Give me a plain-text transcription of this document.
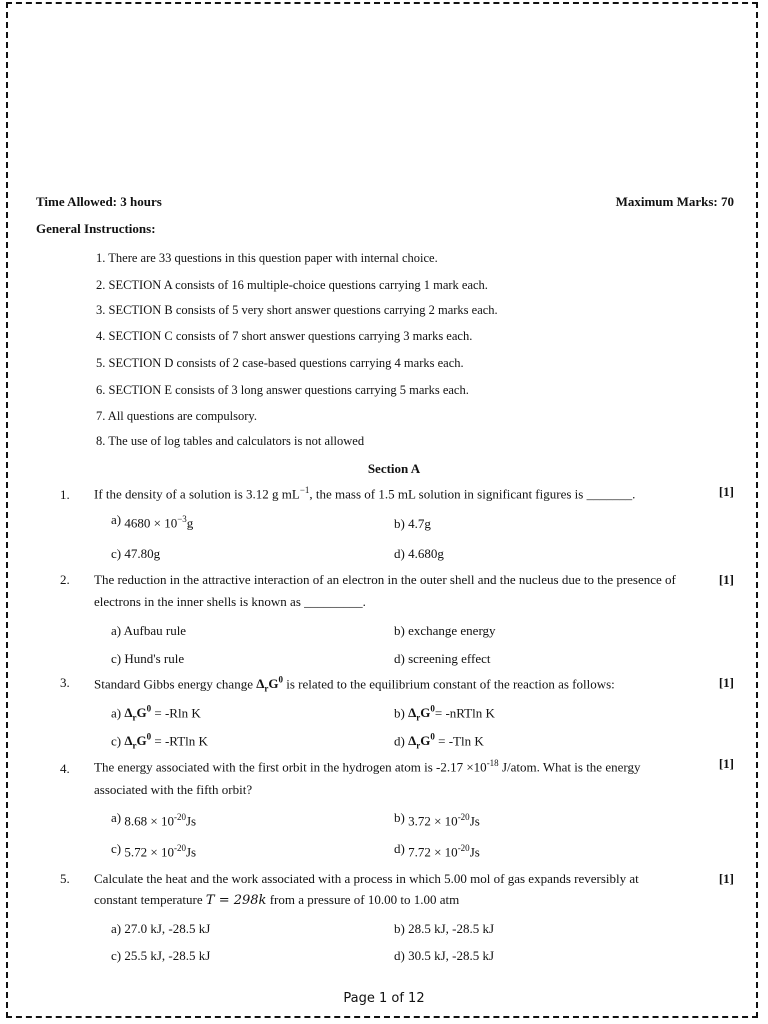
Time Allowed: 3 hours	Maximum Marks: 70
General Instructions:
1. There are 33 questions in this question paper with internal choice.
2. SECTION A consists of 16 multiple-choice questions carrying 1 mark each.
3. SECTION B consists of 5 very short answer questions carrying 2 marks each.
4. SECTION C consists of 7 short answer questions carrying 3 marks each.
5. SECTION D consists of 2 case-based questions carrying 4 marks each.
6. SECTION E consists of 3 long answer questions carrying 5 marks each.
7. All questions are compulsory.
8. The use of log tables and calculators is not allowed
Section A
1. If the density of a solution is 3.12 g $mL^{-1}$, the mass of 1.5 mL solution in significant figures is _______.	[1]
a) $4680 \times 10^{-3}g$	b) 4.7g
c) 47.80g	d) 4.680g
2. The reduction in the attractive interaction of an electron in the outer shell and the nucleus due to the presence of
electrons in the inner shells is known as _________.
[1]
a) Aufbau rule	b) exchange energy
c) Hund's rule	d) screening effect
3. Standard Gibbs energy change $\Delta_rG^0$ is related to the equilibrium constant of the reaction as follows:	[1]
a) $\Delta_rG^0 = -Rln$ K	b) $\Delta_rG^0= -nRTln$ K
c) $\Delta_rG^0 = -RTln$ K	d) $\Delta_rG^0 = -Tln$ K
4. The energy associated with the first orbit in the hydrogen atom is $-2.17 \times 10^{-18}$ J/atom. What is the energy
associated with the fifth orbit?
[1]
a) $8.68 \times 10^{-20}Js$	b) $3.72 \times 10^{-20}Js$
c) $5.72 \times 10^{-20}Js$	d) $7.72 \times 10^{-20}Js$
5. Calculate the heat and the work associated with a process in which 5.00 mol of gas expands reversibly at
constant temperature T = 298k from a pressure of 10.00 to 1.00 atm
[1]
a) 27.0 kJ, -28.5 kJ	b) 28.5 kJ, -28.5 kJ
c) 25.5 kJ, -28.5 kJ	d) 30.5 kJ, -28.5 kJ
Page 1 of 12
